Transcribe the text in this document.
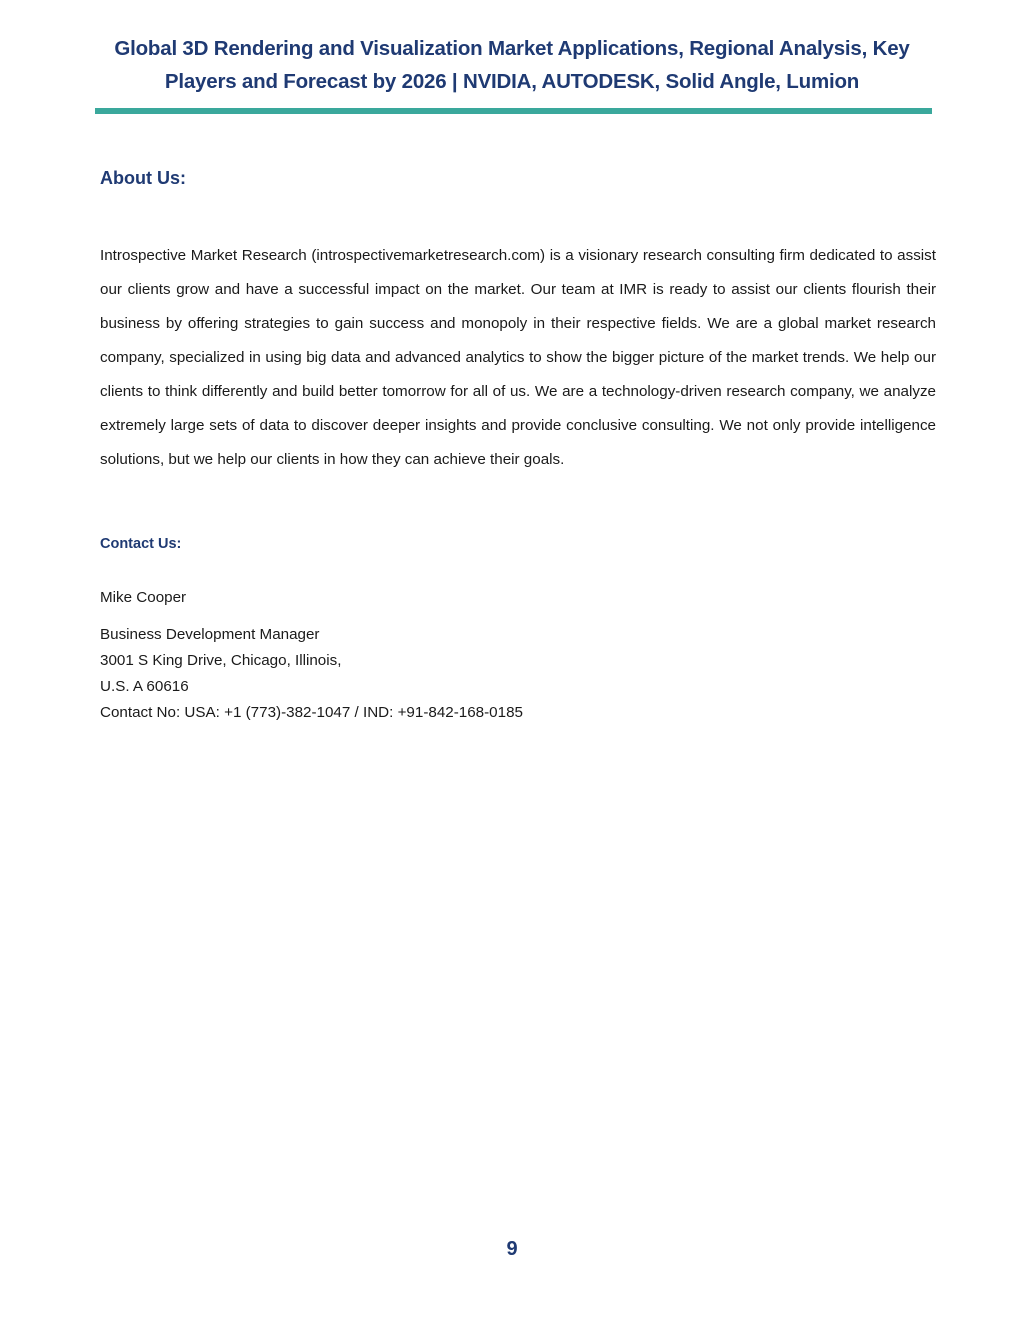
Global 3D Rendering and Visualization Market Applications, Regional Analysis, Key
Players and Forecast by 2026 | NVIDIA, AUTODESK, Solid Angle, Lumion
About Us:
Introspective Market Research (introspectivemarketresearch.com) is a visionary research consulting firm dedicated to assist our clients grow and have a successful impact on the market. Our team at IMR is ready to assist our clients flourish their business by offering strategies to gain success and monopoly in their respective fields. We are a global market research company, specialized in using big data and advanced analytics to show the bigger picture of the market trends. We help our clients to think differently and build better tomorrow for all of us. We are a technology-driven research company, we analyze extremely large sets of data to discover deeper insights and provide conclusive consulting. We not only provide intelligence solutions, but we help our clients in how they can achieve their goals.
Contact Us:
Mike Cooper
Business Development Manager
3001 S King Drive, Chicago, Illinois,
U.S. A 60616
Contact No: USA: +1 (773)-382-1047 / IND: +91-842-168-0185
9
